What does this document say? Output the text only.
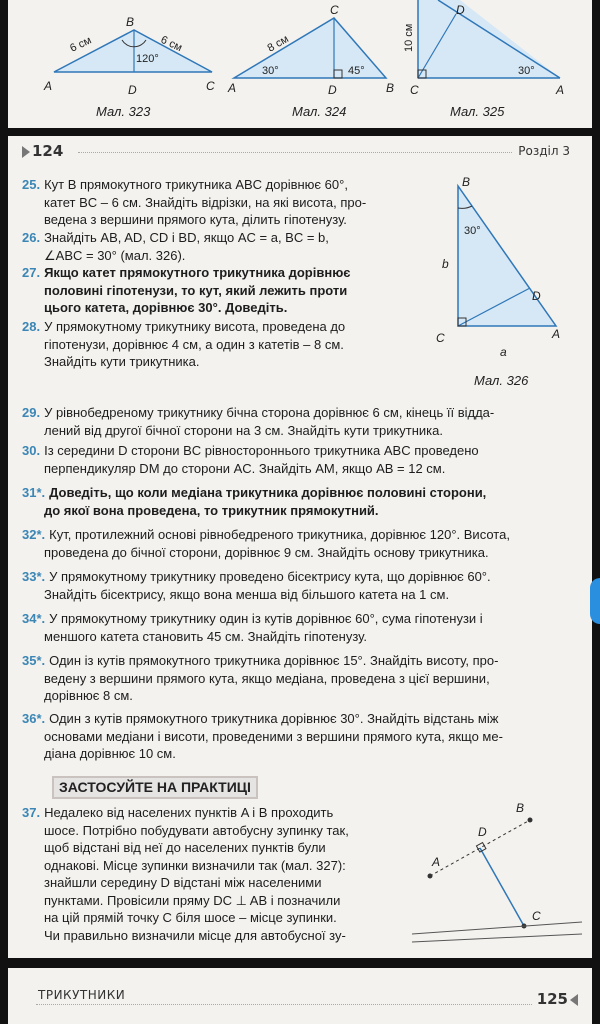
B
A	D	C
6 см	6 см
120°
C
A	D	B
8 см
30°	45°
D
C	A
10 см
30°
Мал. 323	Мал. 324	Мал. 325
124	Розділ 3
25. Кут B прямокутного трикутника ABC дорівнює 60°,
катет BC – 6 см. Знайдіть відрізки, на які висота, про-
ведена з вершини прямого кута, ділить гіпотенузу.
26. Знайдіть AB, AD, CD і BD, якщо AC = a, BC = b,
∠ABC = 30° (мал. 326).
27. Якщо катет прямокутного трикутника дорівнює
половині гіпотенузи, то кут, який лежить проти
цього катета, дорівнює 30°. Доведіть.
28. У прямокутному трикутнику висота, проведена до
гіпотенузи, дорівнює 4 см, а один з катетів – 8 см.
Знайдіть кути трикутника.
B
C
D
A
b
a
30°
Мал. 326
29. У рівнобедреному трикутнику бічна сторона дорівнює 6 см, кінець її відда-
лений від другої бічної сторони на 3 см. Знайдіть кути трикутника.
30. Із середини D сторони BC рівностороннього трикутника ABC проведено
перпендикуляр DM до сторони AC. Знайдіть AM, якщо AB = 12 см.
31*. Доведіть, що коли медіана трикутника дорівнює половині сторони,
до якої вона проведена, то трикутник прямокутний.
32*. Кут, протилежний основі рівнобедреного трикутника, дорівнює 120°. Висота,
проведена до бічної сторони, дорівнює 9 см. Знайдіть основу трикутника.
33*. У прямокутному трикутнику проведено бісектрису кута, що дорівнює 60°.
Знайдіть бісектрису, якщо вона менша від більшого катета на 1 см.
34*. У прямокутному трикутнику один із кутів дорівнює 60°, сума гіпотенузи і
меншого катета становить 45 см. Знайдіть гіпотенузу.
35*. Один із кутів прямокутного трикутника дорівнює 15°. Знайдіть висоту, про-
ведену з вершини прямого кута, якщо медіана, проведена з цієї вершини,
дорівнює 8 см.
36*. Один з кутів прямокутного трикутника дорівнює 30°. Знайдіть відстань між
основами медіани і висоти, проведеними з вершини прямого кута, якщо ме-
діана дорівнює 10 см.
ЗАСТОСУЙТЕ НА ПРАКТИЦІ
37. Недалеко від населених пунктів A і B проходить
шосе. Потрібно побудувати автобусну зупинку так,
щоб відстані від неї до населених пунктів були
однакові. Місце зупинки визначили так (мал. 327):
знайшли середину D відстані між населеними
пунктами. Провісили пряму DC ⊥ AB і позначили
на цій прямій точку C біля шосе – місце зупинки.
Чи правильно визначили місце для автобусної зу-
A
B
D
C
ТРИКУТНИКИ	125
